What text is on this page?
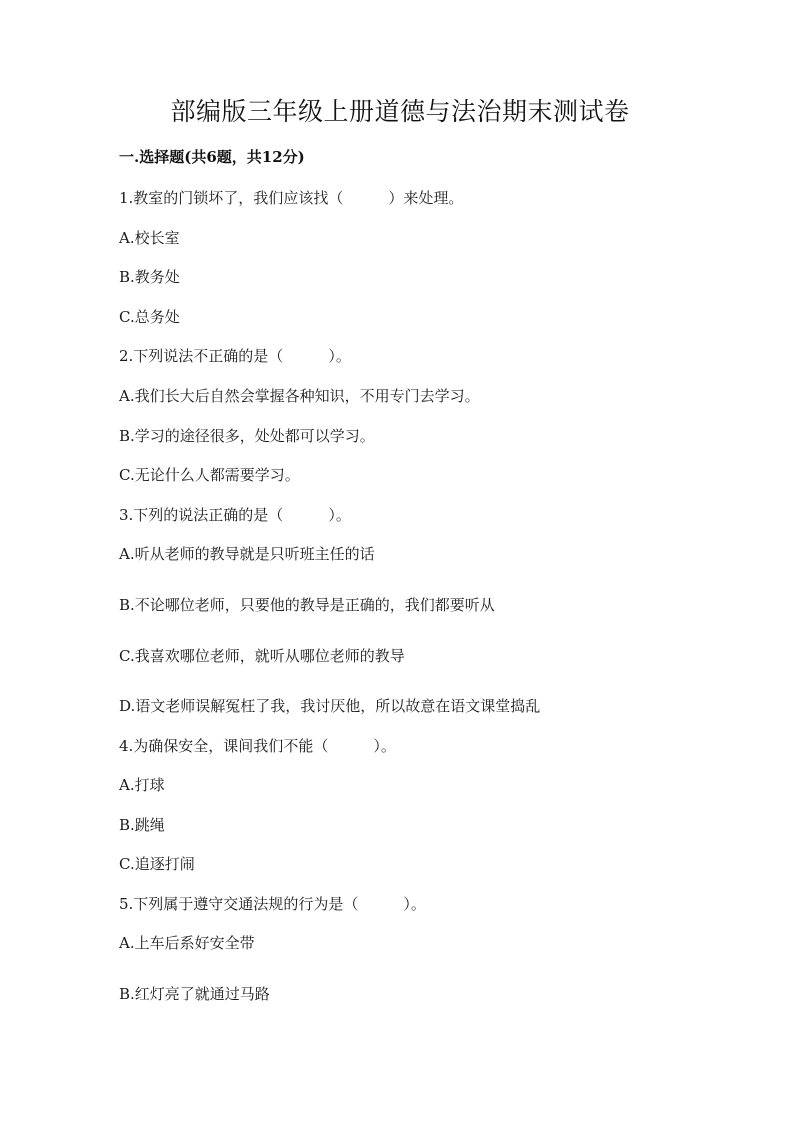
部编版三年级上册道德与法治期末测试卷
一.选择题(共6题，共12分)
1.教室的门锁坏了，我们应该找（　　　）来处理。
A.校长室
B.教务处
C.总务处
2.下列说法不正确的是（　　　）。
A.我们长大后自然会掌握各种知识，不用专门去学习。
B.学习的途径很多，处处都可以学习。
C.无论什么人都需要学习。
3.下列的说法正确的是（　　　）。
A.听从老师的教导就是只听班主任的话
B.不论哪位老师，只要他的教导是正确的，我们都要听从
C.我喜欢哪位老师，就听从哪位老师的教导
D.语文老师误解冤枉了我，我讨厌他，所以故意在语文课堂捣乱
4.为确保安全，课间我们不能（　　　）。
A.打球
B.跳绳
C.追逐打闹
5.下列属于遵守交通法规的行为是（　　　）。
A.上车后系好安全带
B.红灯亮了就通过马路
